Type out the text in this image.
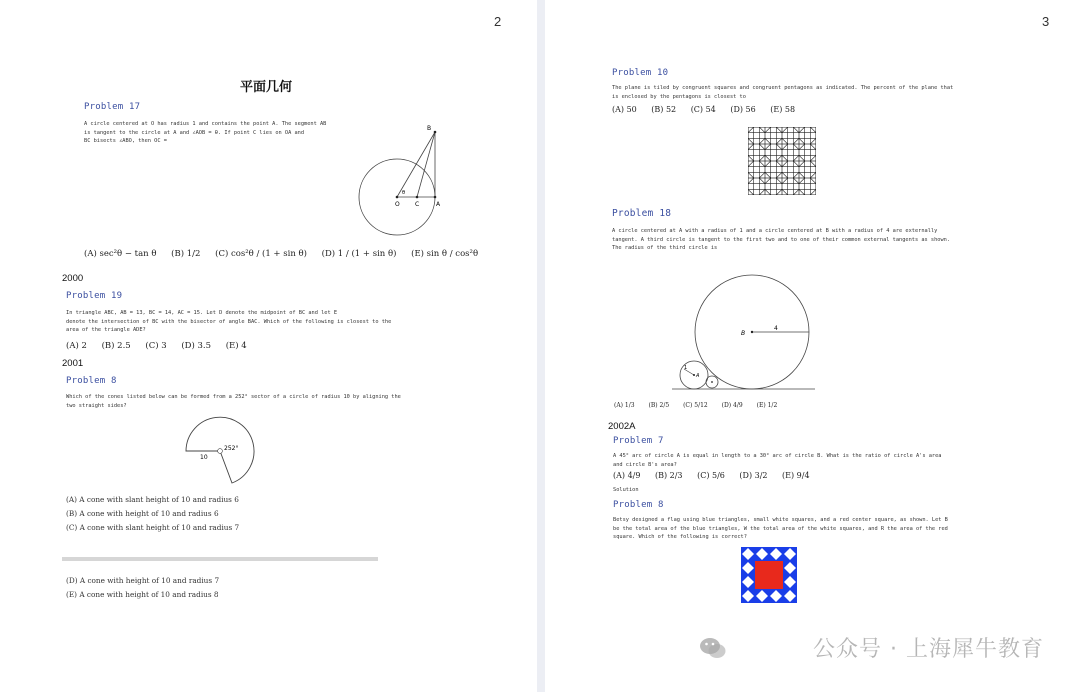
2
平面几何
Problem 17
A circle centered at O has radius 1 and contains the point A. The segment AB
is tangent to the circle at A and ∠AOB = θ. If point C lies on OA and
BC bisects ∠ABO, then OC =
B
O	C	A
θ
(A) sec²θ − tan θ (B) 1/2 (C) cos²θ / (1 + sin θ) (D) 1 / (1 + sin θ) (E) sin θ / cos²θ
2000
Problem 19
In triangle ABC, AB = 13, BC = 14, AC = 15. Let D denote the midpoint of BC and let E
denote the intersection of BC with the bisector of angle BAC. Which of the following is closest to the
area of the triangle ADE?
(A) 2 (B) 2.5 (C) 3 (D) 3.5 (E) 4
2001
Problem 8
Which of the cones listed below can be formed from a 252° sector of a circle of radius 10 by aligning the
two straight sides?
252°
10
(A) A cone with slant height of 10 and radius 6
(B) A cone with height of 10 and radius 6
(C) A cone with slant height of 10 and radius 7
(D) A cone with height of 10 and radius 7
(E) A cone with height of 10 and radius 8
3
Problem 10
The plane is tiled by congruent squares and congruent pentagons as indicated. The percent of the plane that
is enclosed by the pentagons is closest to
(A) 50 (B) 52 (C) 54 (D) 56 (E) 58
Problem 18
A circle centered at A with a radius of 1 and a circle centered at B with a radius of 4 are externally
tangent. A third circle is tangent to the first two and to one of their common external tangents as shown.
The radius of the third circle is
B
4
A
1
(A) 1/3 (B) 2/5 (C) 5/12 (D) 4/9 (E) 1/2
2002A
Problem 7
A 45° arc of circle A is equal in length to a 30° arc of circle B. What is the ratio of circle A's area
and circle B's area?
(A) 4/9 (B) 2/3 (C) 5/6 (D) 3/2 (E) 9/4
Solution
Problem 8
Betsy designed a flag using blue triangles, small white squares, and a red center square, as shown. Let B
be the total area of the blue triangles, W the total area of the white squares, and R the area of the red
square. Which of the following is correct?
公众号 · 上海犀牛教育
